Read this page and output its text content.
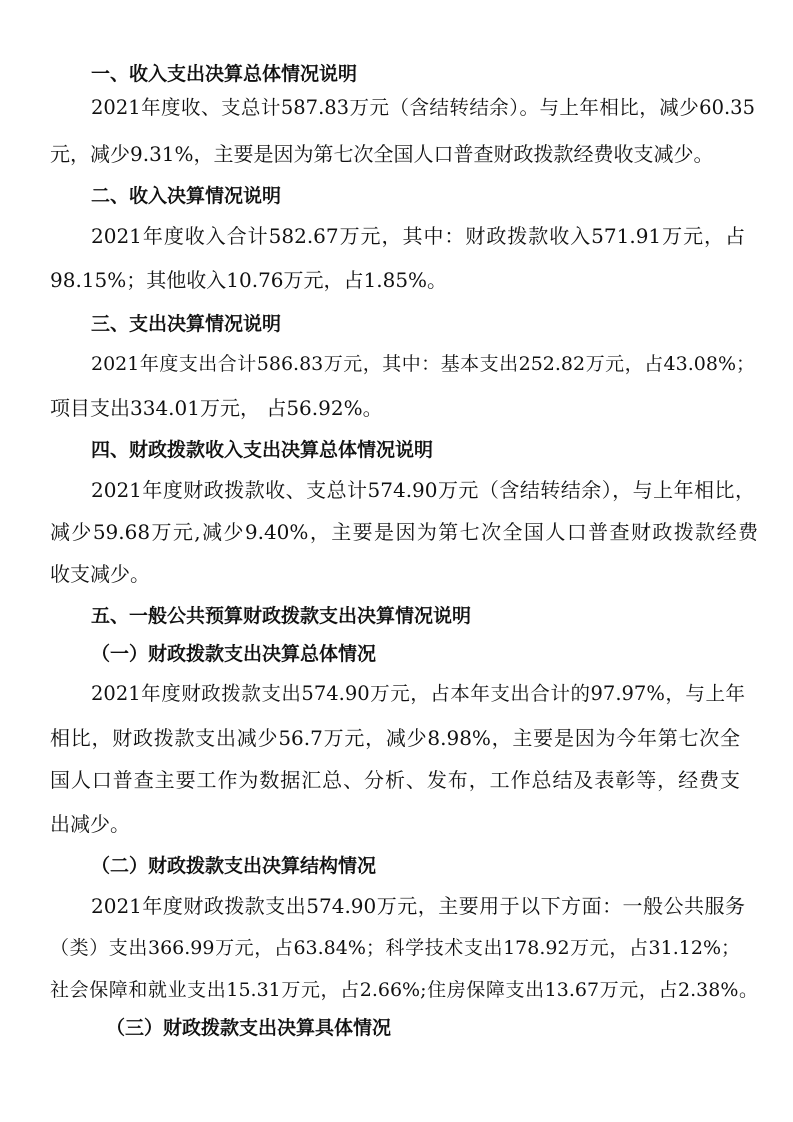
一、收入支出决算总体情况说明
2021年度收、支总计587.83万元（含结转结余）。与上年相比，减少60.35
元，减少9.31%，主要是因为第七次全国人口普查财政拨款经费收支减少。
二、收入决算情况说明
2021年度收入合计582.67万元，其中：财政拨款收入571.91万元，占
98.15%；其他收入10.76万元，占1.85%。
三、支出决算情况说明
2021年度支出合计586.83万元，其中：基本支出252.82万元，占43.08%；
项目支出334.01万元， 占56.92%。
四、财政拨款收入支出决算总体情况说明
2021年度财政拨款收、支总计574.90万元（含结转结余），与上年相比，
减少59.68万元,减少9.40%，主要是因为第七次全国人口普查财政拨款经费
收支减少。
五、一般公共预算财政拨款支出决算情况说明
（一）财政拨款支出决算总体情况
2021年度财政拨款支出574.90万元，占本年支出合计的97.97%，与上年
相比，财政拨款支出减少56.7万元，减少8.98%，主要是因为今年第七次全
国人口普查主要工作为数据汇总、分析、发布，工作总结及表彰等，经费支
出减少。
（二）财政拨款支出决算结构情况
2021年度财政拨款支出574.90万元，主要用于以下方面：一般公共服务
（类）支出366.99万元，占63.84%；科学技术支出178.92万元，占31.12%；
社会保障和就业支出15.31万元，占2.66%;住房保障支出13.67万元，占2.38%。
（三）财政拨款支出决算具体情况
